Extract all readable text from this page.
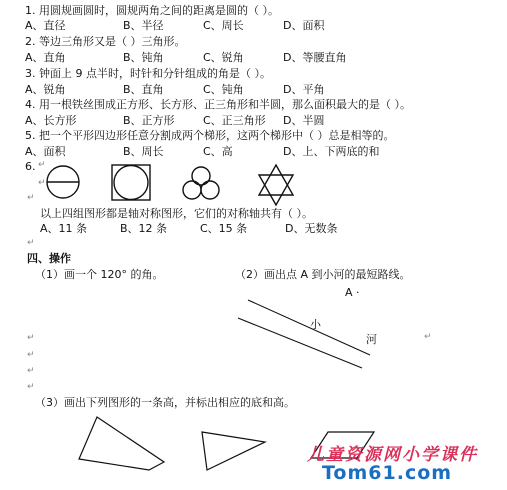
1. 用圆规画圆时，圆规两角之间的距离是圆的（ ）。
A、直径	B、半径	C、周长	D、面积
2. 等边三角形又是（ ）三角形。
A、直角	B、钝角	C、锐角	D、等腰直角
3. 钟面上 9 点半时，时针和分针组成的角是（ ）。
A、锐角	B、直角	C、钝角	D、平角
4. 用一根铁丝围成正方形、长方形、正三角形和半圆，那么面积最大的是（ ）。
A、长方形	B、正方形	C、正三角形 D、半圆
5. 把一个平形四边形任意分割成两个梯形，这两个梯形中（ ）总是相等的。
A、面积	B、周长	C、高	D、上、下两底的和
6. ↵
↵
↵
以上四组图形都是轴对称图形，它们的对称轴共有（ ）。
A、11 条	B、12 条	C、15 条	D、无数条
↵
四、操作
（1）画一个 120° 的角。	（2）画出点 A 到小河的最短路线。
A ·
小
河
↵
↵
↵
↵
↵
（3）画出下列图形的一条高，并标出相应的底和高。
儿童资源网小学课件
Tom61.com
